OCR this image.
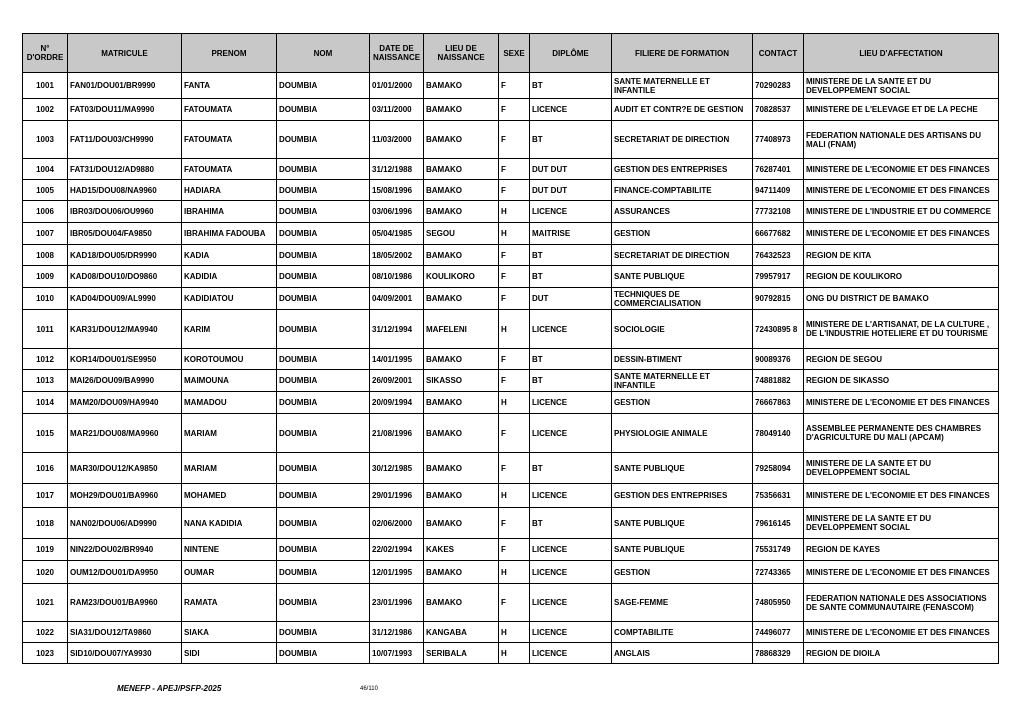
N° D'ORDRE	MATRICULE	PRENOM	NOM	DATE DE NAISSANCE	LIEU DE NAISSANCE	SEXE	DIPLÔME	FILIERE DE FORMATION	CONTACT	LIEU D'AFFECTATION
1001	FAN01/DOU01/BR9990	FANTA	DOUMBIA	01/01/2000	BAMAKO	F	BT	SANTE MATERNELLE ET INFANTILE	70290283	MINISTERE DE LA SANTE ET DU DEVELOPPEMENT SOCIAL
1002	FAT03/DOU11/MA9990	FATOUMATA	DOUMBIA	03/11/2000	BAMAKO	F	LICENCE	AUDIT ET CONTR?E DE GESTION	70828537	MINISTERE DE L'ELEVAGE ET DE LA PECHE
1003	FAT11/DOU03/CH9990	FATOUMATA	DOUMBIA	11/03/2000	BAMAKO	F	BT	SECRETARIAT DE DIRECTION	77408973	FEDERATION NATIONALE DES ARTISANS DU MALI (FNAM)
1004	FAT31/DOU12/AD9880	FATOUMATA	DOUMBIA	31/12/1988	BAMAKO	F	DUT DUT	GESTION DES ENTREPRISES	76287401	MINISTERE DE L'ECONOMIE ET DES FINANCES
1005	HAD15/DOU08/NA9960	HADIARA	DOUMBIA	15/08/1996	BAMAKO	F	DUT DUT	FINANCE-COMPTABILITE	94711409	MINISTERE DE L'ECONOMIE ET DES FINANCES
1006	IBR03/DOU06/OU9960	IBRAHIMA	DOUMBIA	03/06/1996	BAMAKO	H	LICENCE	ASSURANCES	77732108	MINISTERE DE L'INDUSTRIE ET DU COMMERCE
1007	IBR05/DOU04/FA9850	IBRAHIMA FADOUBA	DOUMBIA	05/04/1985	SEGOU	H	MAITRISE	GESTION	66677682	MINISTERE DE L'ECONOMIE ET DES FINANCES
1008	KAD18/DOU05/DR9990	KADIA	DOUMBIA	18/05/2002	BAMAKO	F	BT	SECRETARIAT DE DIRECTION	76432523	REGION DE KITA
1009	KAD08/DOU10/DO9860	KADIDIA	DOUMBIA	08/10/1986	KOULIKORO	F	BT	SANTE PUBLIQUE	79957917	REGION DE KOULIKORO
1010	KAD04/DOU09/AL9990	KADIDIATOU	DOUMBIA	04/09/2001	BAMAKO	F	DUT	TECHNIQUES DE COMMERCIALISATION	90792815	ONG DU DISTRICT DE BAMAKO
1011	KAR31/DOU12/MA9940	KARIM	DOUMBIA	31/12/1994	MAFELENI	H	LICENCE	SOCIOLOGIE	72430895 8	MINISTERE DE L'ARTISANAT, DE LA CULTURE , DE L'INDUSTRIE HOTELIERE ET DU TOURISME
1012	KOR14/DOU01/SE9950	KOROTOUMOU	DOUMBIA	14/01/1995	BAMAKO	F	BT	DESSIN-BTIMENT	90089376	REGION DE SEGOU
1013	MAI26/DOU09/BA9990	MAIMOUNA	DOUMBIA	26/09/2001	SIKASSO	F	BT	SANTE MATERNELLE ET INFANTILE	74881882	REGION DE SIKASSO
1014	MAM20/DOU09/HA9940	MAMADOU	DOUMBIA	20/09/1994	BAMAKO	H	LICENCE	GESTION	76667863	MINISTERE DE L'ECONOMIE ET DES FINANCES
1015	MAR21/DOU08/MA9960	MARIAM	DOUMBIA	21/08/1996	BAMAKO	F	LICENCE	PHYSIOLOGIE ANIMALE	78049140	ASSEMBLEE PERMANENTE DES CHAMBRES D'AGRICULTURE DU MALI (APCAM)
1016	MAR30/DOU12/KA9850	MARIAM	DOUMBIA	30/12/1985	BAMAKO	F	BT	SANTE PUBLIQUE	79258094	MINISTERE DE LA SANTE ET DU DEVELOPPEMENT SOCIAL
1017	MOH29/DOU01/BA9960	MOHAMED	DOUMBIA	29/01/1996	BAMAKO	H	LICENCE	GESTION DES ENTREPRISES	75356631	MINISTERE DE L'ECONOMIE ET DES FINANCES
1018	NAN02/DOU06/AD9990	NANA KADIDIA	DOUMBIA	02/06/2000	BAMAKO	F	BT	SANTE PUBLIQUE	79616145	MINISTERE DE LA SANTE ET DU DEVELOPPEMENT SOCIAL
1019	NIN22/DOU02/BR9940	NINTENE	DOUMBIA	22/02/1994	KAKES	F	LICENCE	SANTE PUBLIQUE	75531749	REGION DE KAYES
1020	OUM12/DOU01/DA9950	OUMAR	DOUMBIA	12/01/1995	BAMAKO	H	LICENCE	GESTION	72743365	MINISTERE DE L'ECONOMIE ET DES FINANCES
1021	RAM23/DOU01/BA9960	RAMATA	DOUMBIA	23/01/1996	BAMAKO	F	LICENCE	SAGE-FEMME	74805950	FEDERATION NATIONALE DES ASSOCIATIONS DE SANTE COMMUNAUTAIRE (FENASCOM)
1022	SIA31/DOU12/TA9860	SIAKA	DOUMBIA	31/12/1986	KANGABA	H	LICENCE	COMPTABILITE	74496077	MINISTERE DE L'ECONOMIE ET DES FINANCES
1023	SID10/DOU07/YA9930	SIDI	DOUMBIA	10/07/1993	SERIBALA	H	LICENCE	ANGLAIS	78868329	REGION DE DIOILA
MENEFP - APEJ/PSFP-2025	46/110
